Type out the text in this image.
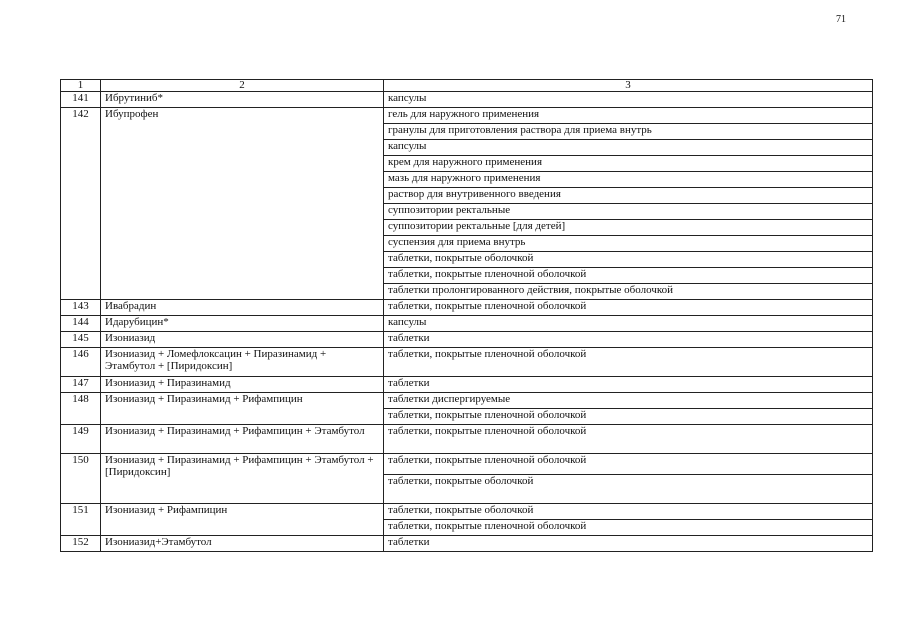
71
1	2	3
141	Ибрутиниб*	капсулы
142	Ибупрофен	гель для наружного применения
		гранулы для приготовления раствора для приема внутрь
		капсулы
		крем для наружного применения
		мазь для наружного применения
		раствор для внутривенного введения
		суппозитории ректальные
		суппозитории ректальные [для детей]
		суспензия для приема внутрь
		таблетки, покрытые оболочкой
		таблетки, покрытые пленочной оболочкой
		таблетки пролонгированного действия, покрытые оболочкой
143	Ивабрадин	таблетки, покрытые пленочной оболочкой
144	Идарубицин*	капсулы
145	Изониазид	таблетки
146	Изониазид + Ломефлоксацин + Пиразинамид + Этамбутол + [Пиридоксин]	таблетки, покрытые пленочной оболочкой
147	Изониазид + Пиразинамид	таблетки
148	Изониазид + Пиразинамид + Рифампицин	таблетки диспергируемые
		таблетки, покрытые пленочной оболочкой
149	Изониазид + Пиразинамид + Рифампицин + Этамбутол	таблетки, покрытые пленочной оболочкой
150	Изониазид + Пиразинамид + Рифампицин + Этамбутол + [Пиридоксин]	таблетки, покрытые пленочной оболочкой
		таблетки, покрытые оболочкой
151	Изониазид + Рифампицин	таблетки, покрытые оболочкой
		таблетки, покрытые пленочной оболочкой
152	Изониазид+Этамбутол	таблетки
